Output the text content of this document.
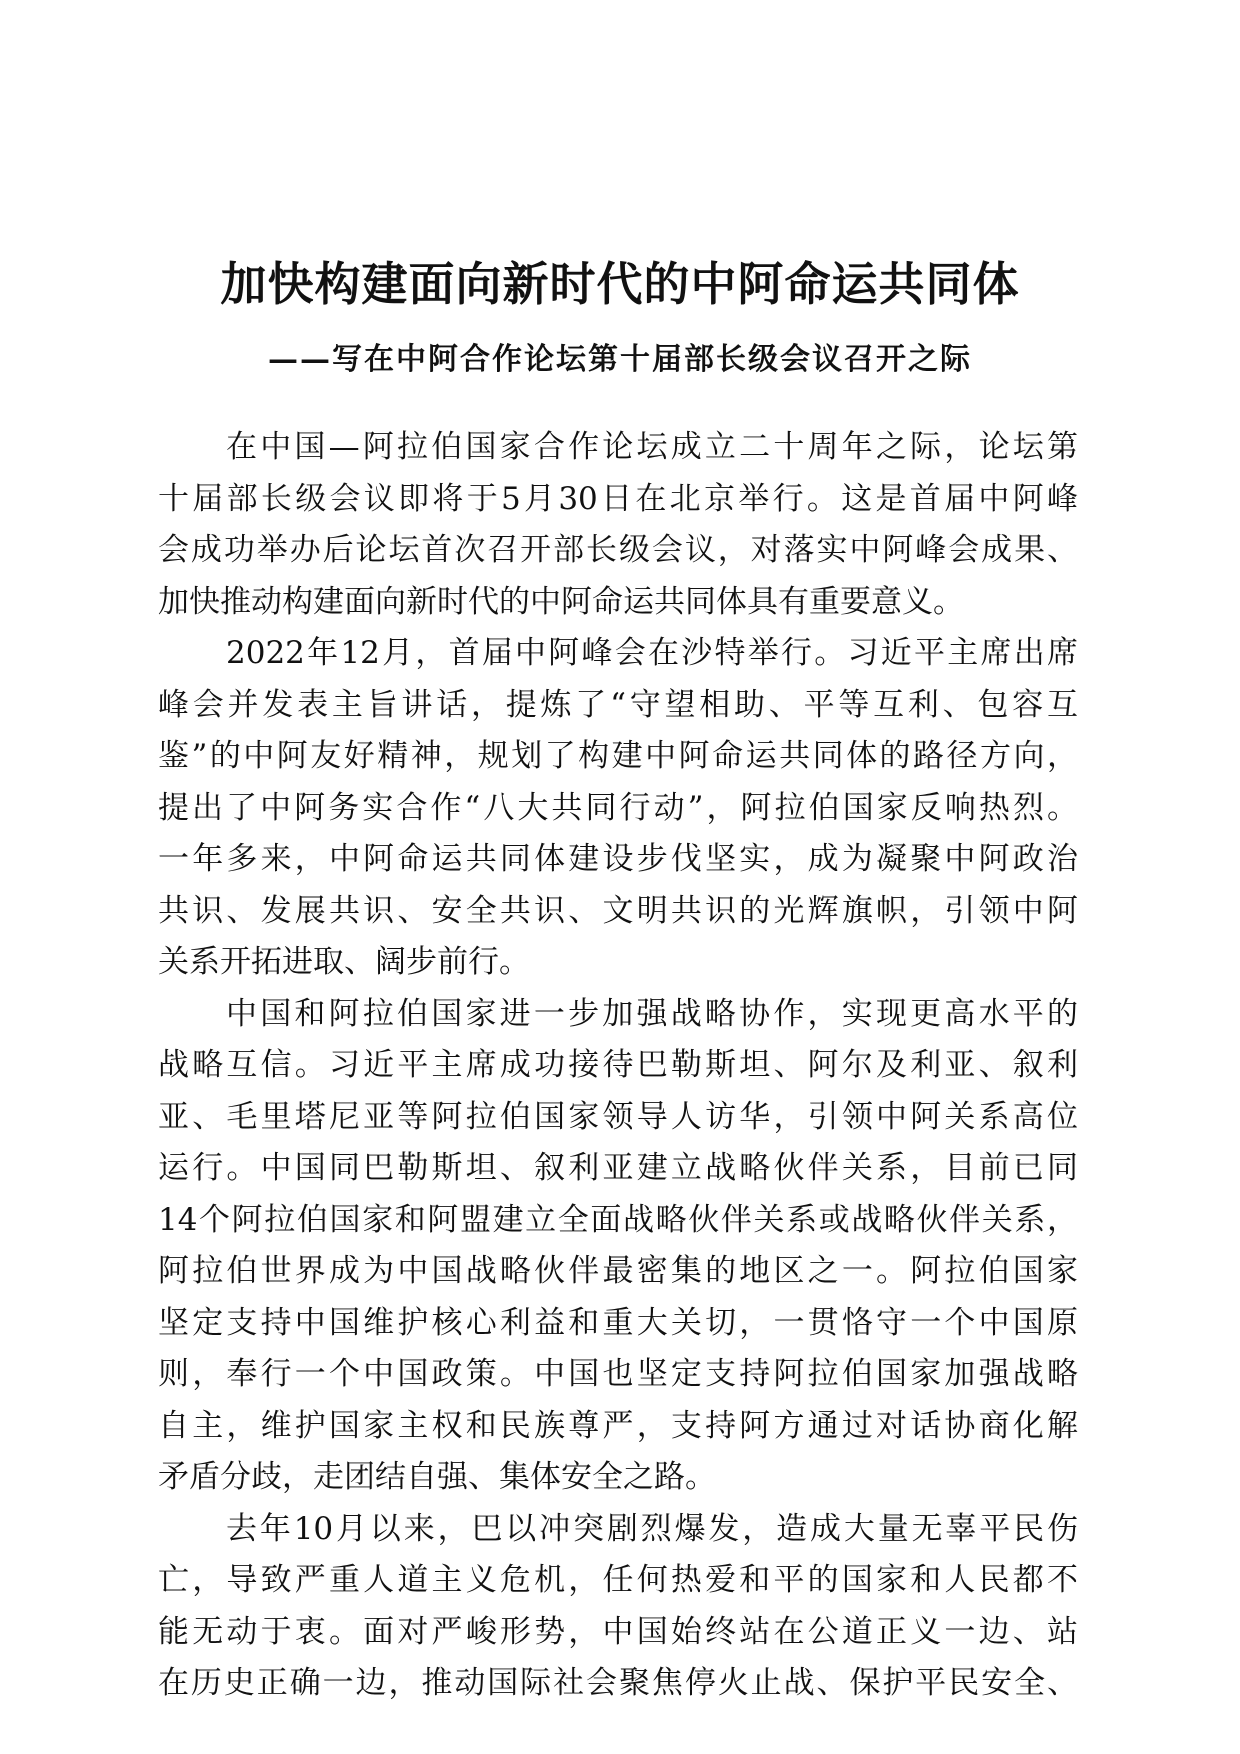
加快构建面向新时代的中阿命运共同体
——写在中阿合作论坛第十届部长级会议召开之际
在中国—阿拉伯国家合作论坛成立二十周年之际，论坛第
十届部长级会议即将于5月30日在北京举行。这是首届中阿峰
会成功举办后论坛首次召开部长级会议，对落实中阿峰会成果、
加快推动构建面向新时代的中阿命运共同体具有重要意义。
2022年12月，首届中阿峰会在沙特举行。习近平主席出席
峰会并发表主旨讲话，提炼了“守望相助、平等互利、包容互
鉴”的中阿友好精神，规划了构建中阿命运共同体的路径方向，
提出了中阿务实合作“八大共同行动”，阿拉伯国家反响热烈。
一年多来，中阿命运共同体建设步伐坚实，成为凝聚中阿政治
共识、发展共识、安全共识、文明共识的光辉旗帜，引领中阿
关系开拓进取、阔步前行。
中国和阿拉伯国家进一步加强战略协作，实现更高水平的
战略互信。习近平主席成功接待巴勒斯坦、阿尔及利亚、叙利
亚、毛里塔尼亚等阿拉伯国家领导人访华，引领中阿关系高位
运行。中国同巴勒斯坦、叙利亚建立战略伙伴关系，目前已同
14个阿拉伯国家和阿盟建立全面战略伙伴关系或战略伙伴关系，
阿拉伯世界成为中国战略伙伴最密集的地区之一。阿拉伯国家
坚定支持中国维护核心利益和重大关切，一贯恪守一个中国原
则，奉行一个中国政策。中国也坚定支持阿拉伯国家加强战略
自主，维护国家主权和民族尊严，支持阿方通过对话协商化解
矛盾分歧，走团结自强、集体安全之路。
去年10月以来，巴以冲突剧烈爆发，造成大量无辜平民伤
亡，导致严重人道主义危机，任何热爱和平的国家和人民都不
能无动于衷。面对严峻形势，中国始终站在公道正义一边、站
在历史正确一边，推动国际社会聚焦停火止战、保护平民安全、
